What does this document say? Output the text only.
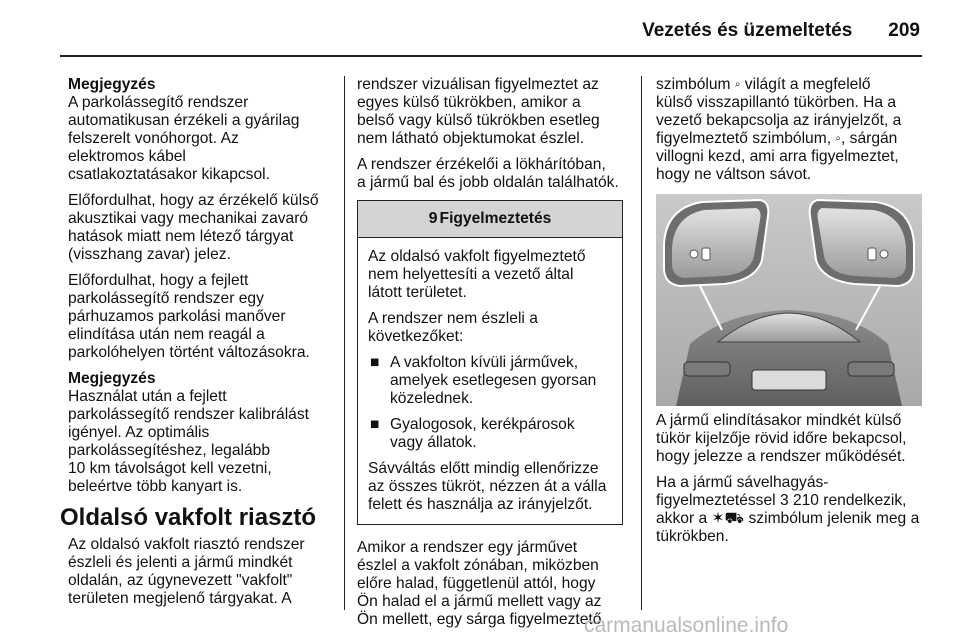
Vezetés és üzemeltetés 209
Megjegyzés
A parkolássegítő rendszer
automatikusan érzékeli a gyárilag
felszerelt vonóhorgot. Az
elektromos kábel
csatlakoztatásakor kikapcsol.

Előfordulhat, hogy az érzékelő külső
akusztikai vagy mechanikai zavaró
hatások miatt nem létező tárgyat
(visszhang zavar) jelez.

Előfordulhat, hogy a fejlett
parkolássegítő rendszer egy
párhuzamos parkolási manőver
elindítása után nem reagál a
parkolóhelyen történt változásokra.

Megjegyzés
Használat után a fejlett
parkolássegítő rendszer kalibrálást
igényel. Az optimális
parkolássegítéshez, legalább
10 km távolságot kell vezetni,
beleértve több kanyart is.
Oldalsó vakfolt riasztó

Az oldalsó vakfolt riasztó rendszer
észleli és jelenti a jármű mindkét
oldalán, az úgynevezett "vakfolt"
területen megjelenő tárgyakat. A

rendszer vizuálisan figyelmeztet az
egyes külső tükrökben, amikor a
belső vagy külső tükrökben esetleg
nem látható objektumokat észlel.

A rendszer érzékelői a lökhárítóban,
a jármű bal és jobb oldalán találhatók.

9 Figyelmeztetés

Az oldalsó vakfolt figyelmeztető
nem helyettesíti a vezető által
látott területet.

A rendszer nem észleli a
következőket:

■ A vakfolton kívüli járművek,
amelyek esetlegesen gyorsan
közelednek.
■ Gyalogosok, kerékpárosok
vagy állatok.

Sávváltás előtt mindig ellenőrizze
az összes tükröt, nézzen át a válla
felett és használja az irányjelzőt.

Amikor a rendszer egy járművet
észlel a vakfolt zónában, miközben
előre halad, függetlenül attól, hogy
Ön halad el a jármű mellett vagy az
Ön mellett, egy sárga figyelmeztető

szimbólum ⌕ világít a megfelelő
külső visszapillantó tükörben. Ha a
vezető bekapcsolja az irányjelzőt, a
figyelmeztető szimbólum, ⌕, sárgán
villogni kezd, ami arra figyelmeztet,
hogy ne váltson sávot.

A jármű elindításakor mindkét külső
tükör kijelzője rövid időre bekapcsol,
hogy jelezze a rendszer működését.

Ha a jármű sávelhagyás-
figyelmeztetéssel 3 210 rendelkezik,
akkor a ✶⛟ szimbólum jelenik meg a
tükrökben.

carmanualsonline.info
